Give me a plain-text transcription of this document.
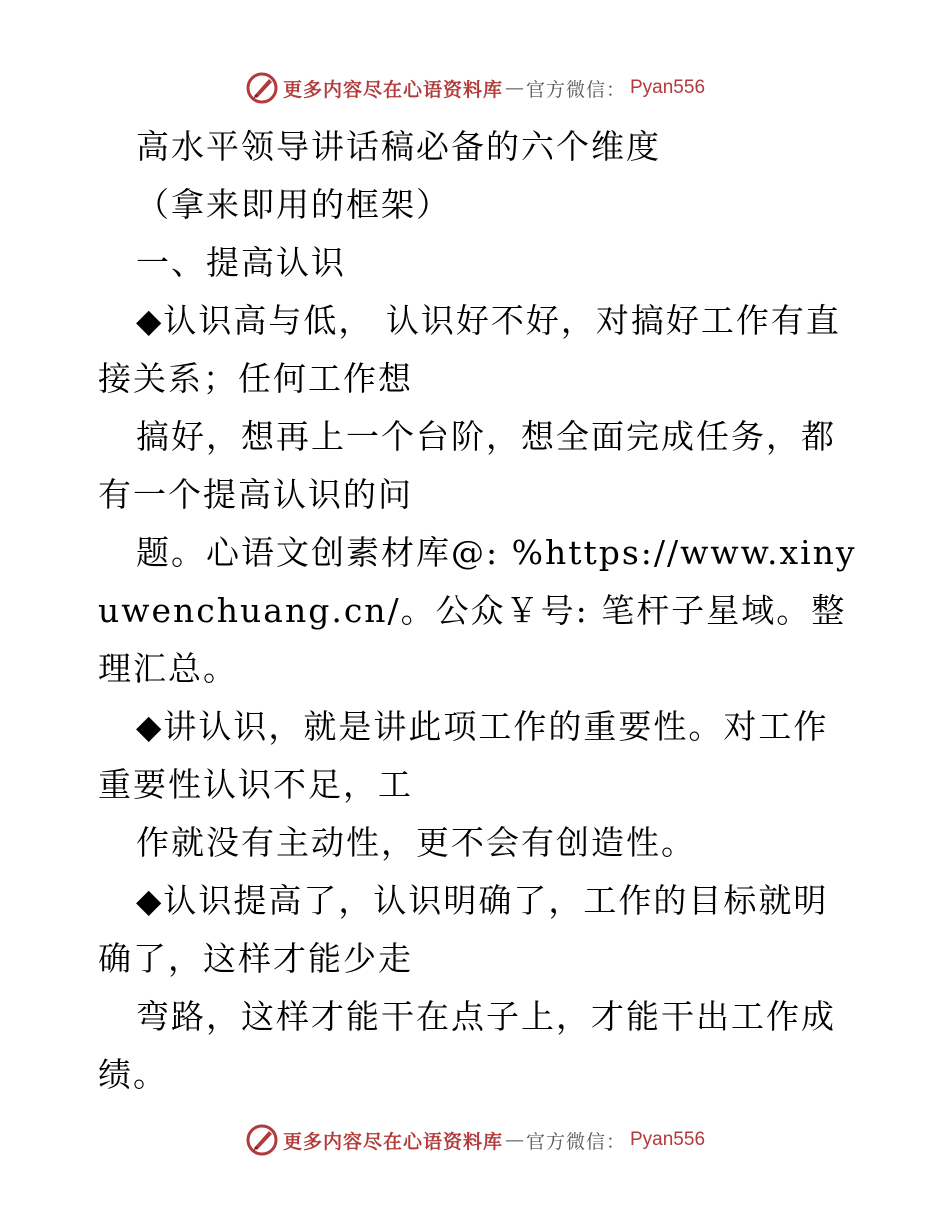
更多内容尽在心语资料库 — 官方微信： Pyan556

高水平领导讲话稿必备的六个维度

（拿来即用的框架）

一、提高认识

◆认识高与低， 认识好不好，对搞好工作有直接关系；任何工作想

搞好，想再上一个台阶，想全面完成任务，都有一个提高认识的问

题。心语文创素材库@: %https://www.xinyuwenchuang.cn/。公众￥号: 笔杆子星域。整理汇总。

◆讲认识，就是讲此项工作的重要性。对工作重要性认识不足，工

作就没有主动性，更不会有创造性。

◆认识提高了，认识明确了，工作的目标就明确了，这样才能少走

弯路，这样才能干在点子上，才能干出工作成绩。

更多内容尽在心语资料库 — 官方微信： Pyan556
